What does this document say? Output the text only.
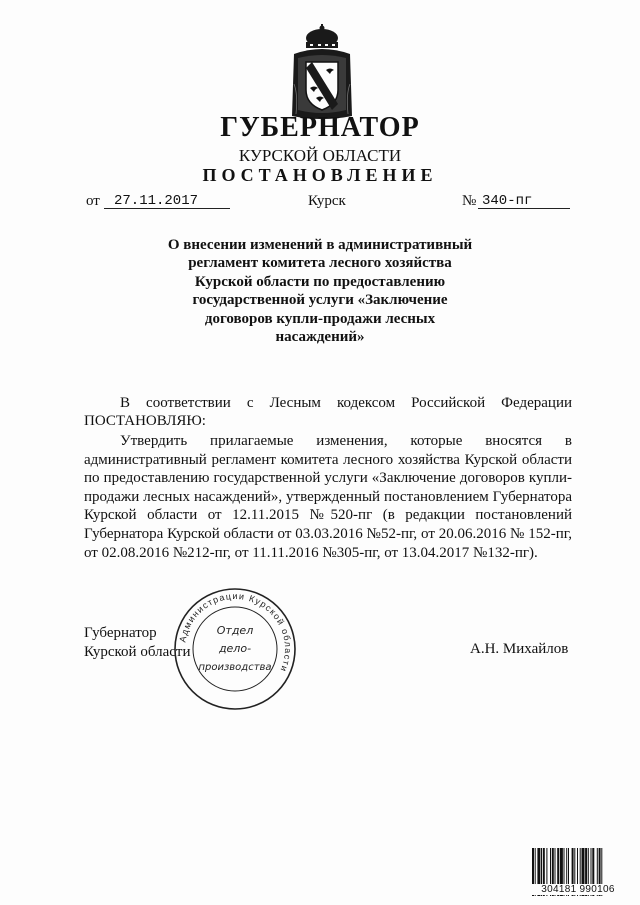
ГУБЕРНАТОР
КУРСКОЙ ОБЛАСТИ
ПОСТАНОВЛЕНИЕ
от 27.11.2017	Курск	№ 340-пг
О внесении изменений в административный
регламент комитета лесного хозяйства
Курской области по предоставлению
государственной услуги «Заключение
договоров купли-продажи лесных
насаждений»
В соответствии с Лесным кодексом Российской Федерации
ПОСТАНОВЛЯЮ:
Утвердить прилагаемые изменения, которые вносятся в административный регламент комитета лесного хозяйства Курской области по предоставлению государственной услуги «Заключение договоров купли-продажи лесных насаждений», утвержденный постановлением Губернатора Курской области от 12.11.2015 №520-пг (в редакции постановлений Губернатора Курской области от 03.03.2016 №52-пг, от 20.06.2016 № 152-пг, от 02.08.2016 №212-пг, от 11.11.2016 №305-пг, от 13.04.2017 №132-пг).
Губернатор
Курской области	А.Н. Михайлов
Администрации Курской области
Отдел
дело-
производства
304181 990106
